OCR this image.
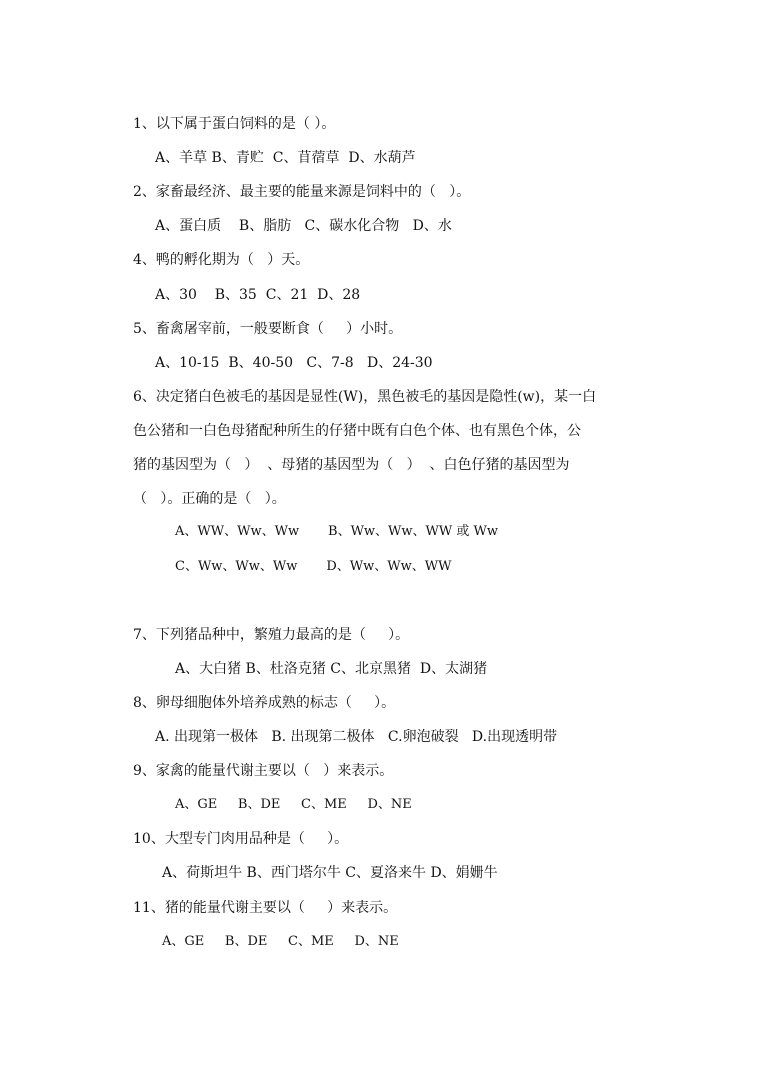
1、以下属于蛋白饲料的是（ ）。
A、羊草 B、青贮  C、苜蓿草  D、水葫芦
2、家畜最经济、最主要的能量来源是饲料中的（   ）。
A、蛋白质    B、脂肪   C、碳水化合物   D、水
4、鸭的孵化期为（   ）天。
A、30    B、35  C、21  D、28
5、畜禽屠宰前，一般要断食（     ）小时。
A、10-15  B、40-50   C、7-8   D、24-30
6、决定猪白色被毛的基因是显性(W)，黑色被毛的基因是隐性(w)，某一白
色公猪和一白色母猪配种所生的仔猪中既有白色个体、也有黑色个体，公
猪的基因型为（   ）  、母猪的基因型为（   ）  、白色仔猪的基因型为
（   ）。正确的是（   ）。
A、WW、Ww、Ww       B、Ww、Ww、WW 或 Ww
C、Ww、Ww、Ww       D、Ww、Ww、WW
7、下列猪品种中，繁殖力最高的是（     ）。
A、大白猪 B、杜洛克猪 C、北京黑猪  D、太湖猪
8、卵母细胞体外培养成熟的标志（     ）。
A. 出现第一极体   B. 出现第二极体   C.卵泡破裂   D.出现透明带
9、家禽的能量代谢主要以（   ）来表示。
A、GE     B、DE     C、ME     D、NE
10、大型专门肉用品种是（     ）。
A、荷斯坦牛 B、西门塔尔牛 C、夏洛来牛 D、娟姗牛
11、猪的能量代谢主要以（     ）来表示。
A、GE     B、DE     C、ME     D、NE
